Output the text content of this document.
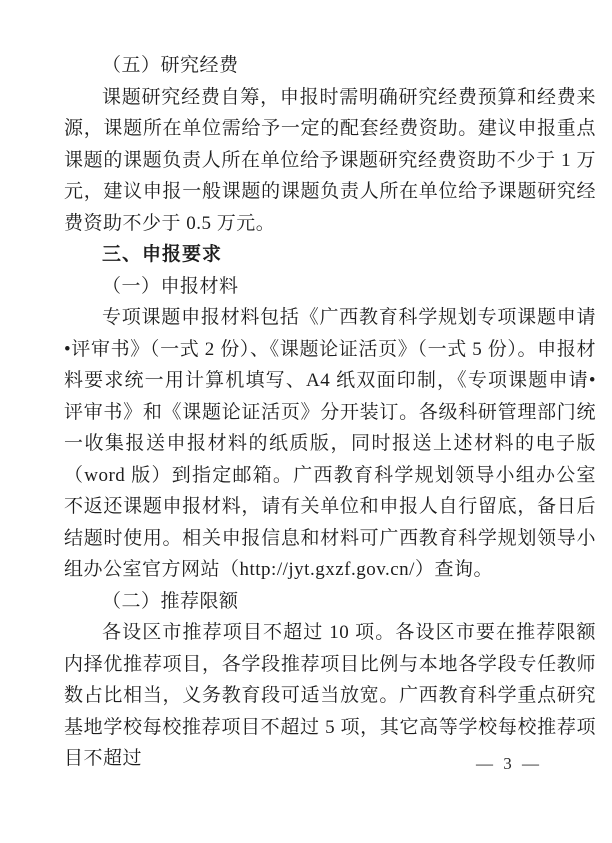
（五）研究经费

课题研究经费自筹，申报时需明确研究经费预算和经费来源，课题所在单位需给予一定的配套经费资助。建议申报重点课题的课题负责人所在单位给予课题研究经费资助不少于 1 万元，建议申报一般课题的课题负责人所在单位给予课题研究经费资助不少于 0.5 万元。

三、申报要求

（一）申报材料

专项课题申报材料包括《广西教育科学规划专项课题申请•评审书》（一式 2 份）、《课题论证活页》（一式 5 份）。申报材料要求统一用计算机填写、A4 纸双面印制，《专项课题申请•评审书》和《课题论证活页》分开装订。各级科研管理部门统一收集报送申报材料的纸质版，同时报送上述材料的电子版（word 版）到指定邮箱。广西教育科学规划领导小组办公室不返还课题申报材料，请有关单位和申报人自行留底，备日后结题时使用。相关申报信息和材料可广西教育科学规划领导小组办公室官方网站（http://jyt.gxzf.gov.cn/）查询。

（二）推荐限额

各设区市推荐项目不超过 10 项。各设区市要在推荐限额内择优推荐项目，各学段推荐项目比例与本地各学段专任教师数占比相当，义务教育段可适当放宽。广西教育科学重点研究基地学校每校推荐项目不超过 5 项，其它高等学校每校推荐项目不超过	— 3 —
